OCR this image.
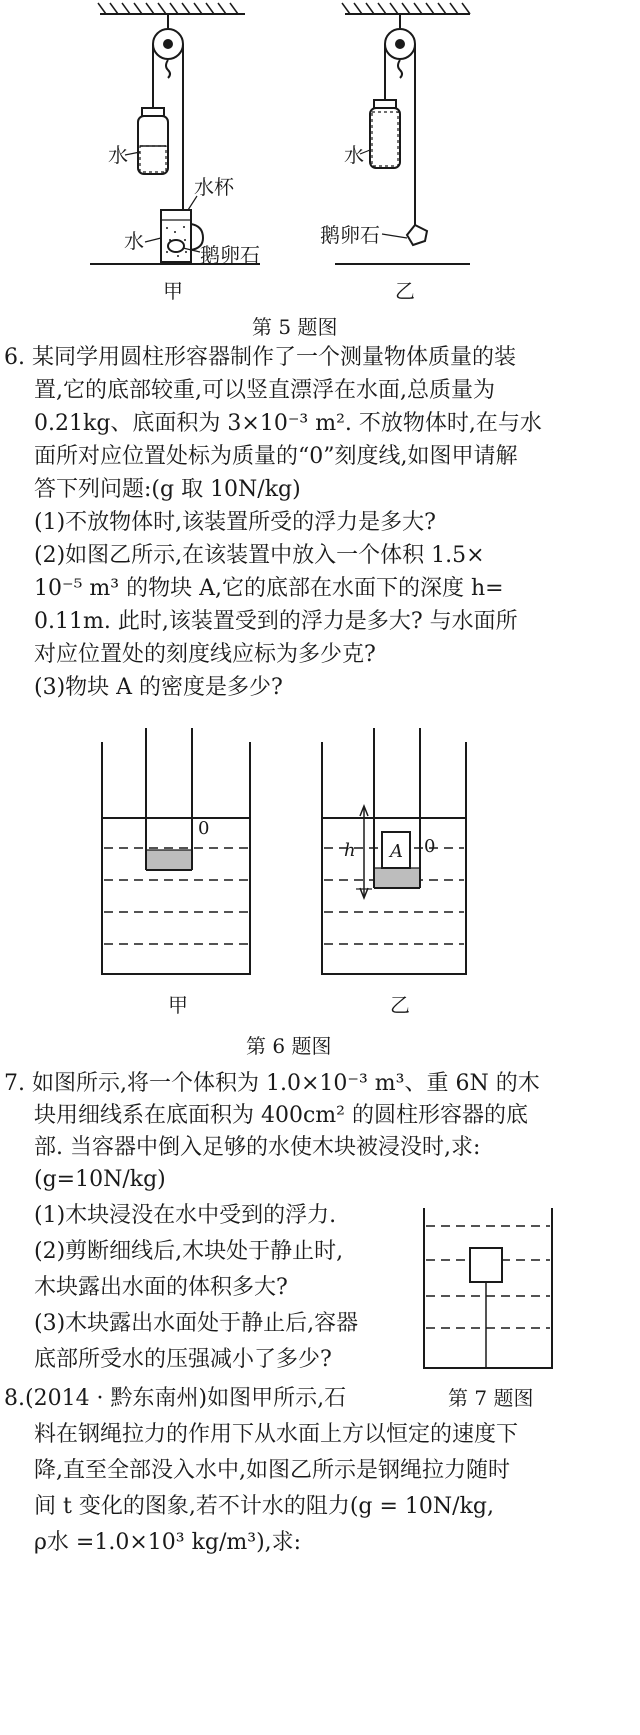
水
水杯
水
鹅卵石
甲
水
鹅卵石
乙
第 5 题图
6. 某同学用圆柱形容器制作了一个测量物体质量的装
置,它的底部较重,可以竖直漂浮在水面,总质量为
0.21kg、底面积为 3×10⁻³ m². 不放物体时,在与水
面所对应位置处标为质量的“0”刻度线,如图甲请解
答下列问题:(g 取 10N/kg)
(1)不放物体时,该装置所受的浮力是多大?
(2)如图乙所示,在该装置中放入一个体积 1.5×
10⁻⁵ m³ 的物块 A,它的底部在水面下的深度 h=
0.11m. 此时,该装置受到的浮力是多大? 与水面所
对应位置处的刻度线应标为多少克?
(3)物块 A 的密度是多少?
0
甲
A
h	0
乙
第 6 题图
7. 如图所示,将一个体积为 1.0×10⁻³ m³、重 6N 的木
块用细线系在底面积为 400cm² 的圆柱形容器的底
部. 当容器中倒入足够的水使木块被浸没时,求:
(g=10N/kg)
(1)木块浸没在水中受到的浮力.
(2)剪断细线后,木块处于静止时,
木块露出水面的体积多大?
(3)木块露出水面处于静止后,容器
底部所受水的压强减小了多少?
第 7 题图
8.(2014 · 黔东南州)如图甲所示,石
料在钢绳拉力的作用下从水面上方以恒定的速度下
降,直至全部没入水中,如图乙所示是钢绳拉力随时
间 t 变化的图象,若不计水的阻力(g = 10N/kg,
ρ水 =1.0×10³ kg/m³),求:
